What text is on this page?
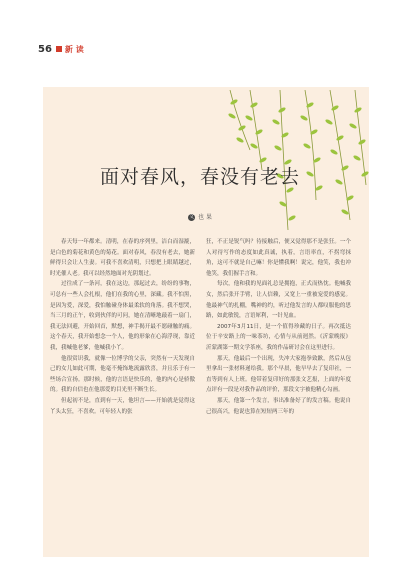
56 新 读
面对春风，春没有老去
文 也 果

春天每一年都来。清明，在春的序列里，洁白而湿漉，是白色的菊花和黄色的菊花。面对春风，春没有老去，她新鲜得只会让人生妻。可我不喜欢清明，只想把上眼睛越过，时光催人老。我可以经然地面对光阴划过。

过往成了一条河，我在这边，那起过去，纷纷的事物，可总有一些人会扎根，他们在我的心里，深藏。我不怕黑，是因为爱，深爱，我怕触碰身体最柔软的角落。我不想哭，当三月的正午，收到伙伴的可问，她在清晰地敲着一扇门，我无法回避，开始回首，默想，神手揭开最不愿碰触的痛。这个春天，我开始想念一个人，他的形象在心海浮现，靠近我，我喊他老爹，他喊我小丫。

他很赏识我，就像一位博学的父亲，突然有一天发现自己的女儿如此可期，他毫不掩饰地流露欣喜，并且乐于有一些场合宣扬。那时候，他的言语是快乐的，他的内心是骄傲的。我的自信也在他那爱的目光里不断生长。

但起初不是，直到有一天，他坦言——开始就是觉得这丫头太狂，不喜欢。可年轻人的张

狂，不正是锐气吗？待接触后，便又觉得那不是张狂。一个人对待写作的态度如此真诚，执着，言语率直，不拐弯抹角，这可不就是自己嘛！你是懂我啊！说完，他笑，我也冲他笑，我们握手言和。

每次，他和我的见面礼总是拥抱，正式而热忱。他喊我女，然后张开手臂，让人信赖，又宽上一重被宠爱的感觉。他最神气的扎棚，嘴神的约，听过他发言的人都叹服他的思路，如此敏锐，言语犀利，一针见血。

2007年3月11日，是一个值得珍藏的日子。再次抵达位于辛安路上的一味茶坊，心情与从前迥然。《沂蒙晚报》沂蒙湖第一期文学茶座，我的作品研讨会在这里进行。

那天，他最后一个出现，失冲大家抱拳致歉，然后从包里拿出一张材料递给我。那个早晨，他早早去了复印社，一直等到有人上班。他带着复印好的那张文艺报，上面的年度点评有一段是对我作品的评价，那段文字被他精心勾画。

那天，他第一个发言，事出准备好了的发言稿。他说自己很高兴，他说也算在短短两三年的
